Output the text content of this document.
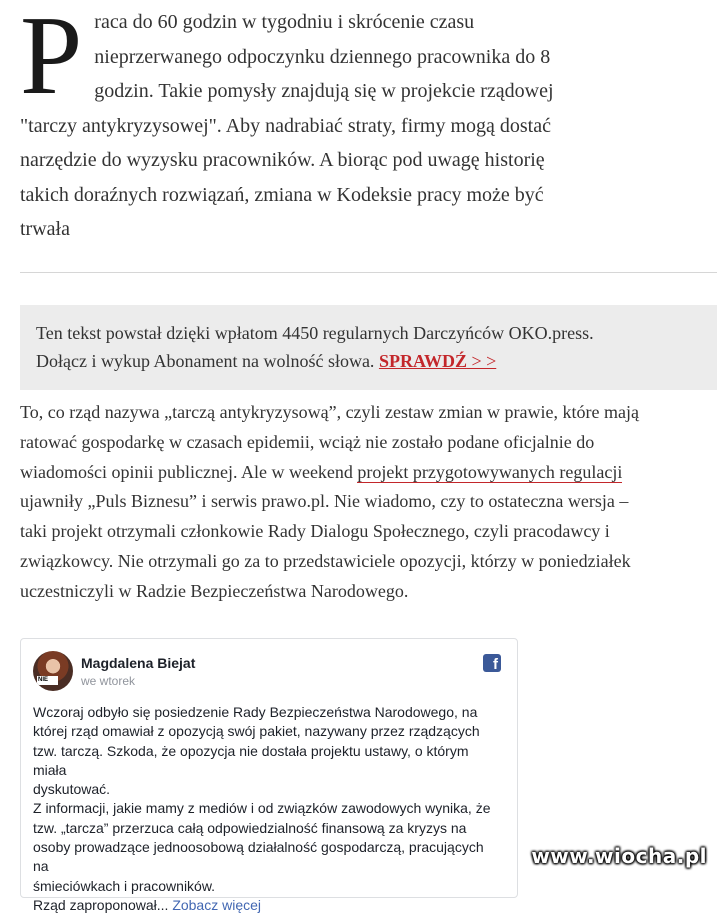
P raca do 60 godzin w tygodniu i skrócenie czasu
nieprzerwanego odpoczynku dziennego pracownika do 8
godzin. Takie pomysły znajdują się w projekcie rządowej
"tarczy antykryzysowej". Aby nadrabiać straty, firmy mogą dostać
narzędzie do wyzysku pracowników. A biorąc pod uwagę historię
takich doraźnych rozwiązań, zmiana w Kodeksie pracy może być
trwała

Ten tekst powstał dzięki wpłatom 4450 regularnych Darczyńców OKO.press.
Dołącz i wykup Abonament na wolność słowa. SPRAWDŹ > >

To, co rząd nazywa „tarczą antykryzysową”, czyli zestaw zmian w prawie, które mają
ratować gospodarkę w czasach epidemii, wciąż nie zostało podane oficjalnie do
wiadomości opinii publicznej. Ale w weekend projekt przygotowywanych regulacji
ujawniły „Puls Biznesu” i serwis prawo.pl. Nie wiadomo, czy to ostateczna wersja –
taki projekt otrzymali członkowie Rady Dialogu Społecznego, czyli pracodawcy i
związkowcy. Nie otrzymali go za to przedstawiciele opozycji, którzy w poniedziałek
uczestniczyli w Radzie Bezpieczeństwa Narodowego.

NIE
Magdalena Biejat
we wtorek
f

Wczoraj odbyło się posiedzenie Rady Bezpieczeństwa Narodowego, na

której rząd omawiał z opozycją swój pakiet, nazywany przez rządzących

tzw. tarczą. Szkoda, że opozycja nie dostała projektu ustawy, o którym miała

dyskutować.

Z informacji, jakie mamy z mediów i od związków zawodowych wynika, że

tzw. „tarcza” przerzuca całą odpowiedzialność finansową za kryzys na

osoby prowadzące jednoosobową działalność gospodarczą, pracujących na

śmieciówkach i pracowników.

Rząd zaproponował... Zobacz więcej

www.wiocha.pl
